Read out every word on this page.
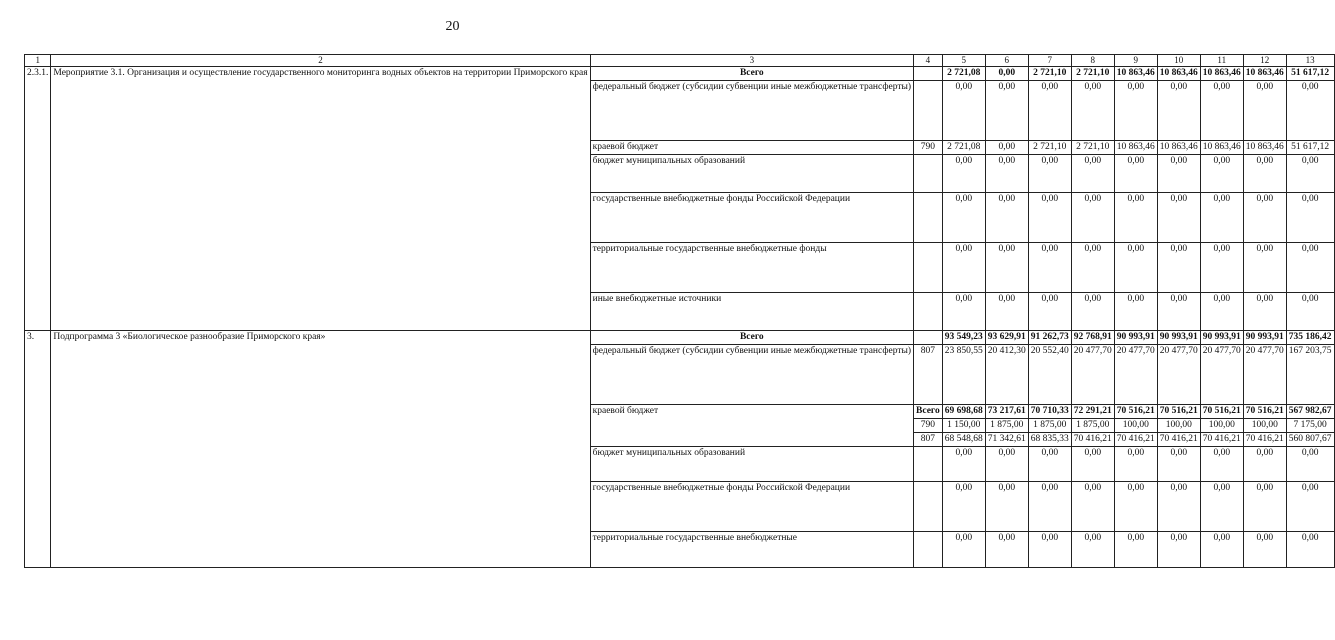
20
1	2	3	4	5	6	7	8	9	10	11	12	13
2.3.1.	Мероприятие 3.1. Организация и осуществление государственного мониторинга водных объектов на территории Приморского края	Всего		2 721,08	0,00	2 721,10	2 721,10	10 863,46	10 863,46	10 863,46	10 863,46	51 617,12
		федеральный бюджет (субсидии субвенции иные межбюджетные трансферты)		0,00	0,00	0,00	0,00	0,00	0,00	0,00	0,00	0,00
		краевой бюджет	790	2 721,08	0,00	2 721,10	2 721,10	10 863,46	10 863,46	10 863,46	10 863,46	51 617,12
		бюджет муниципальных образований		0,00	0,00	0,00	0,00	0,00	0,00	0,00	0,00	0,00
		государственные внебюджетные фонды Российской Федерации		0,00	0,00	0,00	0,00	0,00	0,00	0,00	0,00	0,00
		территориальные государственные внебюджетные фонды		0,00	0,00	0,00	0,00	0,00	0,00	0,00	0,00	0,00
		иные внебюджетные источники		0,00	0,00	0,00	0,00	0,00	0,00	0,00	0,00	0,00
3.	Подпрограмма 3 «Биологическое разнообразие Приморского края»	Всего		93 549,23	93 629,91	91 262,73	92 768,91	90 993,91	90 993,91	90 993,91	90 993,91	735 186,42
		федеральный бюджет (субсидии субвенции иные межбюджетные трансферты)	807	23 850,55	20 412,30	20 552,40	20 477,70	20 477,70	20 477,70	20 477,70	20 477,70	167 203,75
		краевой бюджет	Всего	69 698,68	73 217,61	70 710,33	72 291,21	70 516,21	70 516,21	70 516,21	70 516,21	567 982,67
			790	1 150,00	1 875,00	1 875,00	1 875,00	100,00	100,00	100,00	100,00	7 175,00
			807	68 548,68	71 342,61	68 835,33	70 416,21	70 416,21	70 416,21	70 416,21	70 416,21	560 807,67
		бюджет муниципальных образований		0,00	0,00	0,00	0,00	0,00	0,00	0,00	0,00	0,00
		государственные внебюджетные фонды Российской Федерации		0,00	0,00	0,00	0,00	0,00	0,00	0,00	0,00	0,00
		территориальные государственные внебюджетные		0,00	0,00	0,00	0,00	0,00	0,00	0,00	0,00	0,00
